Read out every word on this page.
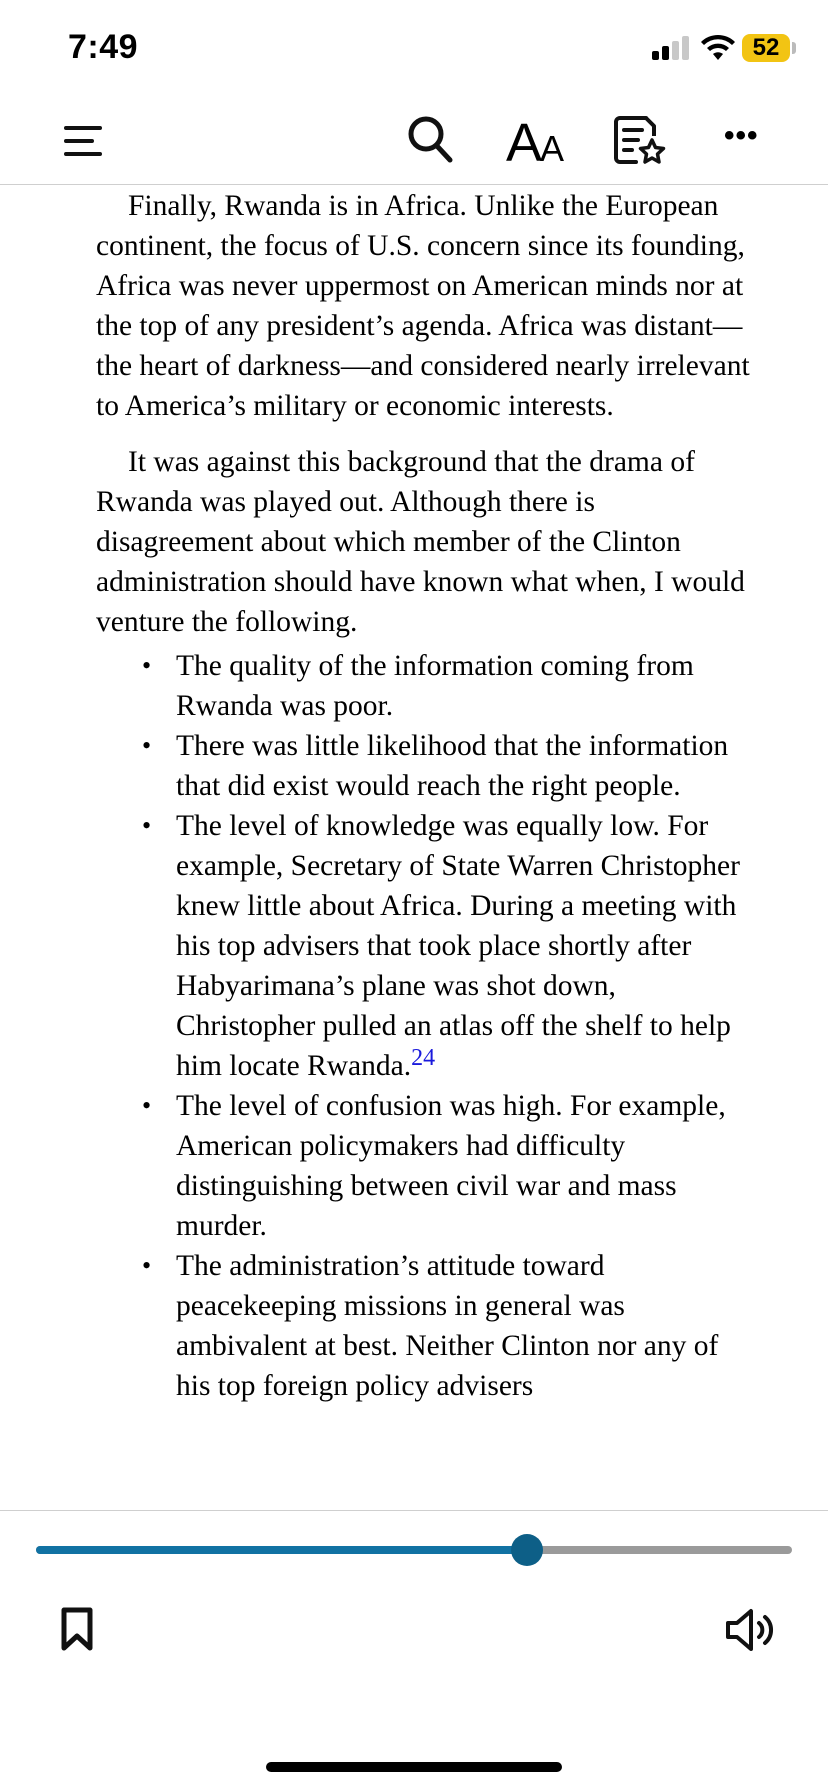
7:49	52
A
A	•••

Finally, Rwanda is in Africa. Unlike the European continent, the focus of U.S. concern since its founding, Africa was never uppermost on American minds nor at the top of any president’s agenda. Africa was distant—the heart of darkness—and considered nearly irrelevant to America’s military or economic interests.

It was against this background that the drama of Rwanda was played out. Although there is disagreement about which member of the Clinton administration should have known what when, I would venture the following.

• The quality of the information coming from Rwanda was poor.
• There was little likelihood that the information that did exist would reach the right people.
• The level of knowledge was equally low. For example, Secretary of State Warren Christopher knew little about Africa. During a meeting with his top advisers that took place shortly after Habyarimana’s plane was shot down, Christopher pulled an atlas off the shelf to help him locate Rwanda.$^{24}$
• The level of confusion was high. For example, American policymakers had difficulty distinguishing between civil war and mass murder.
• The administration’s attitude toward peacekeeping missions in general was ambivalent at best. Neither Clinton nor any of his top foreign policy advisers
